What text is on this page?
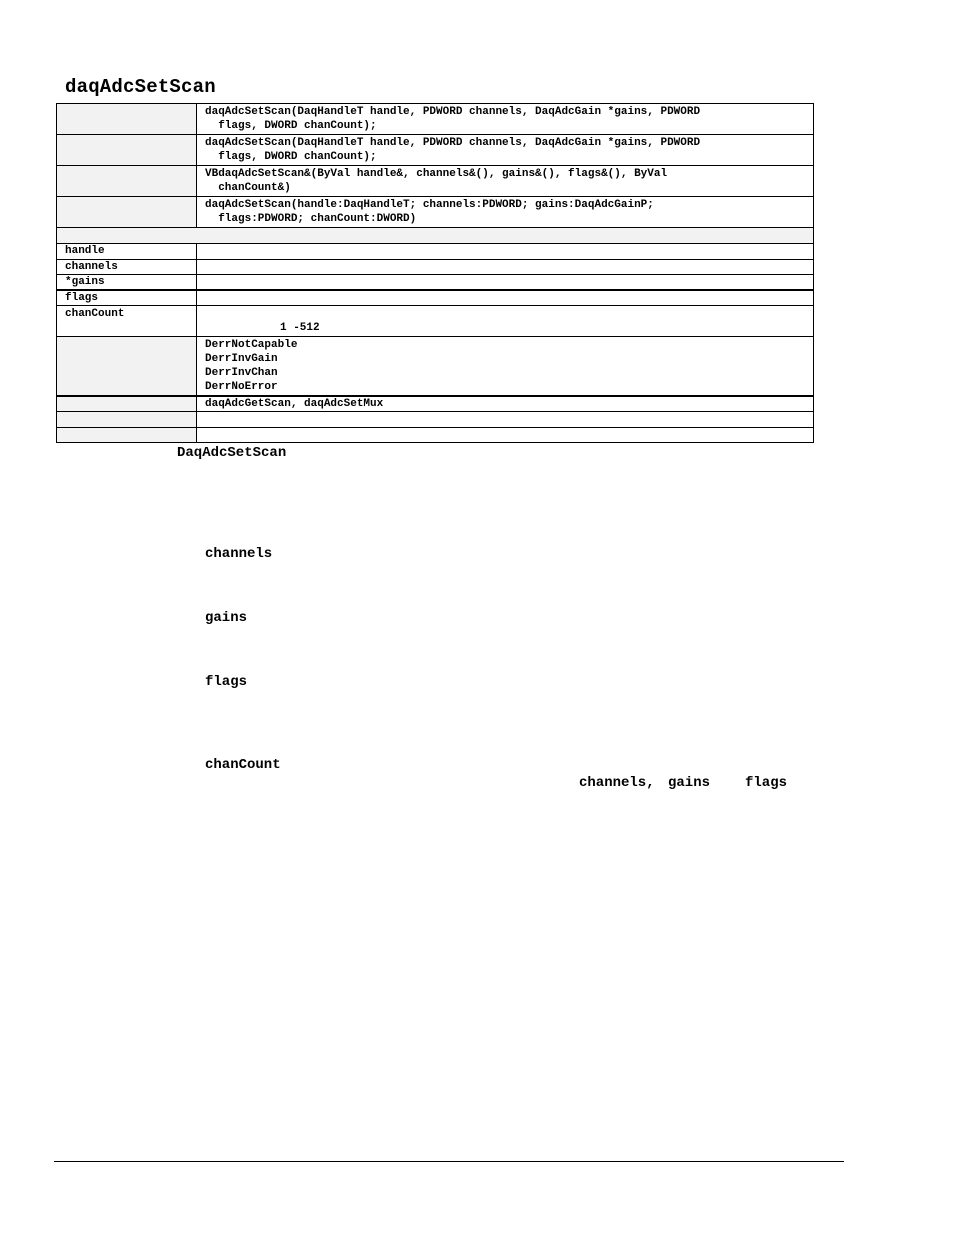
daqAdcSetScan
	daqAdcSetScan(DaqHandleT handle, PDWORD channels, DaqAdcGain *gains, PDWORD
flags, DWORD chanCount);
	daqAdcSetScan(DaqHandleT handle, PDWORD channels, DaqAdcGain *gains, PDWORD
flags, DWORD chanCount);
	VBdaqAdcSetScan&(ByVal handle&, channels&(), gains&(), flags&(), ByVal
chanCount&)
	daqAdcSetScan(handle:DaqHandleT; channels:PDWORD; gains:DaqAdcGainP;
flags:PDWORD; chanCount:DWORD)

handle	
channels	
*gains	
flags	
chanCount	1 -512

	DerrNotCapable
DerrInvGain
DerrInvChan
DerrNoError

	daqAdcGetScan, daqAdcSetMux

DaqAdcSetScan
channels
gains
flags
chanCount
channels, gains flags
